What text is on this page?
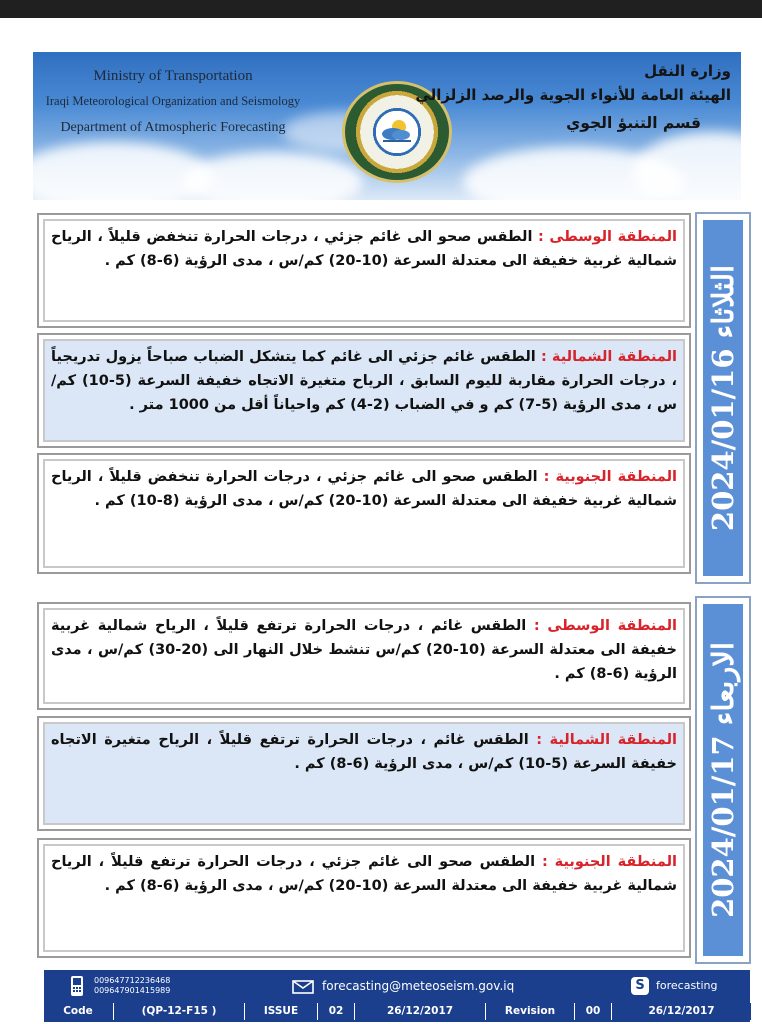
Ministry of Transportation
Iraqi Meteorological Organization and Seismology
Department of Atmospheric Forecasting
وزارة النقل
الهيئة العامة للأنواء الجوية والرصد الزلزالي
قسم التنبؤ الجوي
المنطقة الوسطى : الطقس صحو الى غائم جزئي ، درجات الحرارة تنخفض قليلاً ، الرياح شمالية غربية خفيفة الى معتدلة السرعة (10-20) كم/س ، مدى الرؤية (6-8) كم .
المنطقة الشمالية : الطقس غائم جزئي الى غائم كما يتشكل الضباب صباحاً يزول تدريجياً ، درجات الحرارة مقاربة لليوم السابق ، الرياح متغيرة الاتجاه خفيفة السرعة (5-10) كم/س ، مدى الرؤية (5-7) كم و في الضباب (2-4) كم واحياناً أقل من 1000 متر .
المنطقة الجنوبية : الطقس صحو الى غائم جزئي ، درجات الحرارة تنخفض قليلاً ، الرياح شمالية غربية خفيفة الى معتدلة السرعة (10-20) كم/س ، مدى الرؤية (8-10) كم . الثلاثاء 2024/01/16
المنطقة الوسطى : الطقس غائم ، درجات الحرارة ترتفع قليلاً ، الرياح شمالية غربية خفيفة الى معتدلة السرعة (10-20) كم/س تنشط خلال النهار الى (20-30) كم/س ، مدى الرؤية (6-8) كم .
المنطقة الشمالية : الطقس غائم ، درجات الحرارة ترتفع قليلاً ، الرياح متغيرة الاتجاه خفيفة السرعة (5-10) كم/س ، مدى الرؤية (6-8) كم .
المنطقة الجنوبية : الطقس صحو الى غائم جزئي ، درجات الحرارة ترتفع قليلاً ، الرياح شمالية غربية خفيفة الى معتدلة السرعة (10-20) كم/س ، مدى الرؤية (6-8) كم . الاربعاء 2024/01/17
009647712236468
009647901415989	forecasting@meteoseism.gov.iq	S	forecasting
Code	(QP-12-F15 )	ISSUE	02	26/12/2017	Revision	00	26/12/2017
